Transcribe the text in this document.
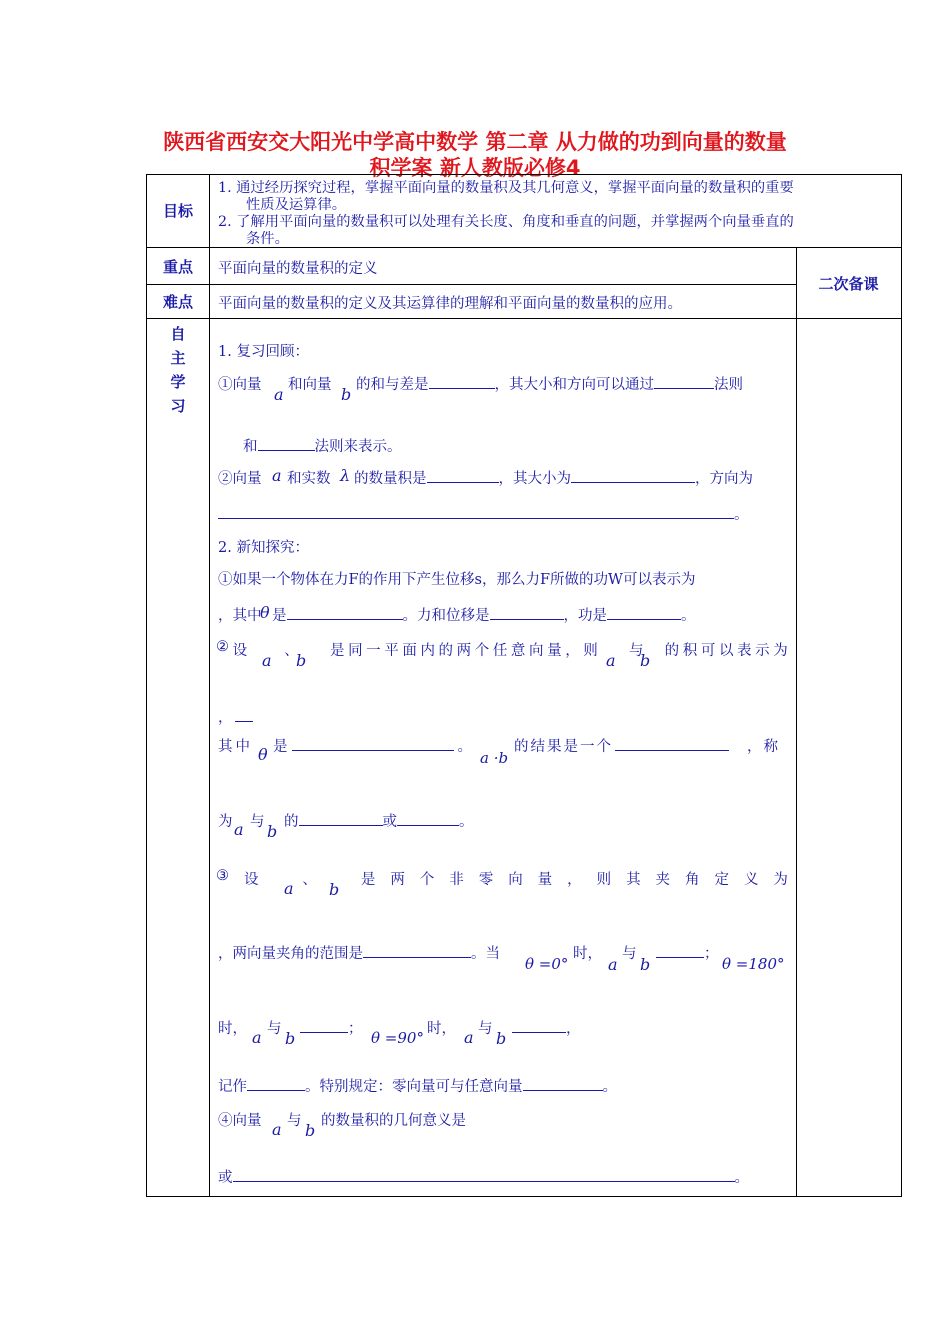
陕西省西安交大阳光中学高中数学 第二章 从力做的功到向量的数量
积学案 新人教版必修4
目标
1. 通过经历探究过程，掌握平面向量的数量积及其几何意义，掌握平面向量的数量积的重要
性质及运算律。
2. 了解用平面向量的数量积可以处理有关长度、角度和垂直的问题，并掌握两个向量垂直的
条件。
重点	平面向量的数量积的定义
二次备课
难点	平面向量的数量积的定义及其运算律的理解和平面向量的数量积的应用。
自
主
学
习
1. 复习回顾：
①向量 a 和向量 b 的和与差是	，其大小和方向可以通过	法则
和	法则来表示。
②向量 a 和实数 λ 的数量积是	，其大小为	，方向为
。
2. 新知探究：
①如果一个物体在力F的作用下产生位移s，那么力F所做的功W可以表示为
，其中
θ 是	。力和位移是	，功是	。
② 设	、 是 同 一 平 面 内 的 两 个 任 意 向 量 ， 则 与 的 积 可 以 表 示 为
a b	a b
，
其中 θ 是	。
a ·b
的结果是一个	，称
为 a 与 b 的	或	。
③ 设	、	是 两 个 非 零 向 量 ， 则 其 夹 角 定 义 为
a b
，两向量夹角的范围是	。当
θ =0°
时，
a
与
b
；
θ =180°
时， a 与 b	； θ =90° 时， a 与 b	，
记作	。特别规定：零向量可与任意向量	。
④向量 a 与 b 的数量积的几何意义是
或	。
